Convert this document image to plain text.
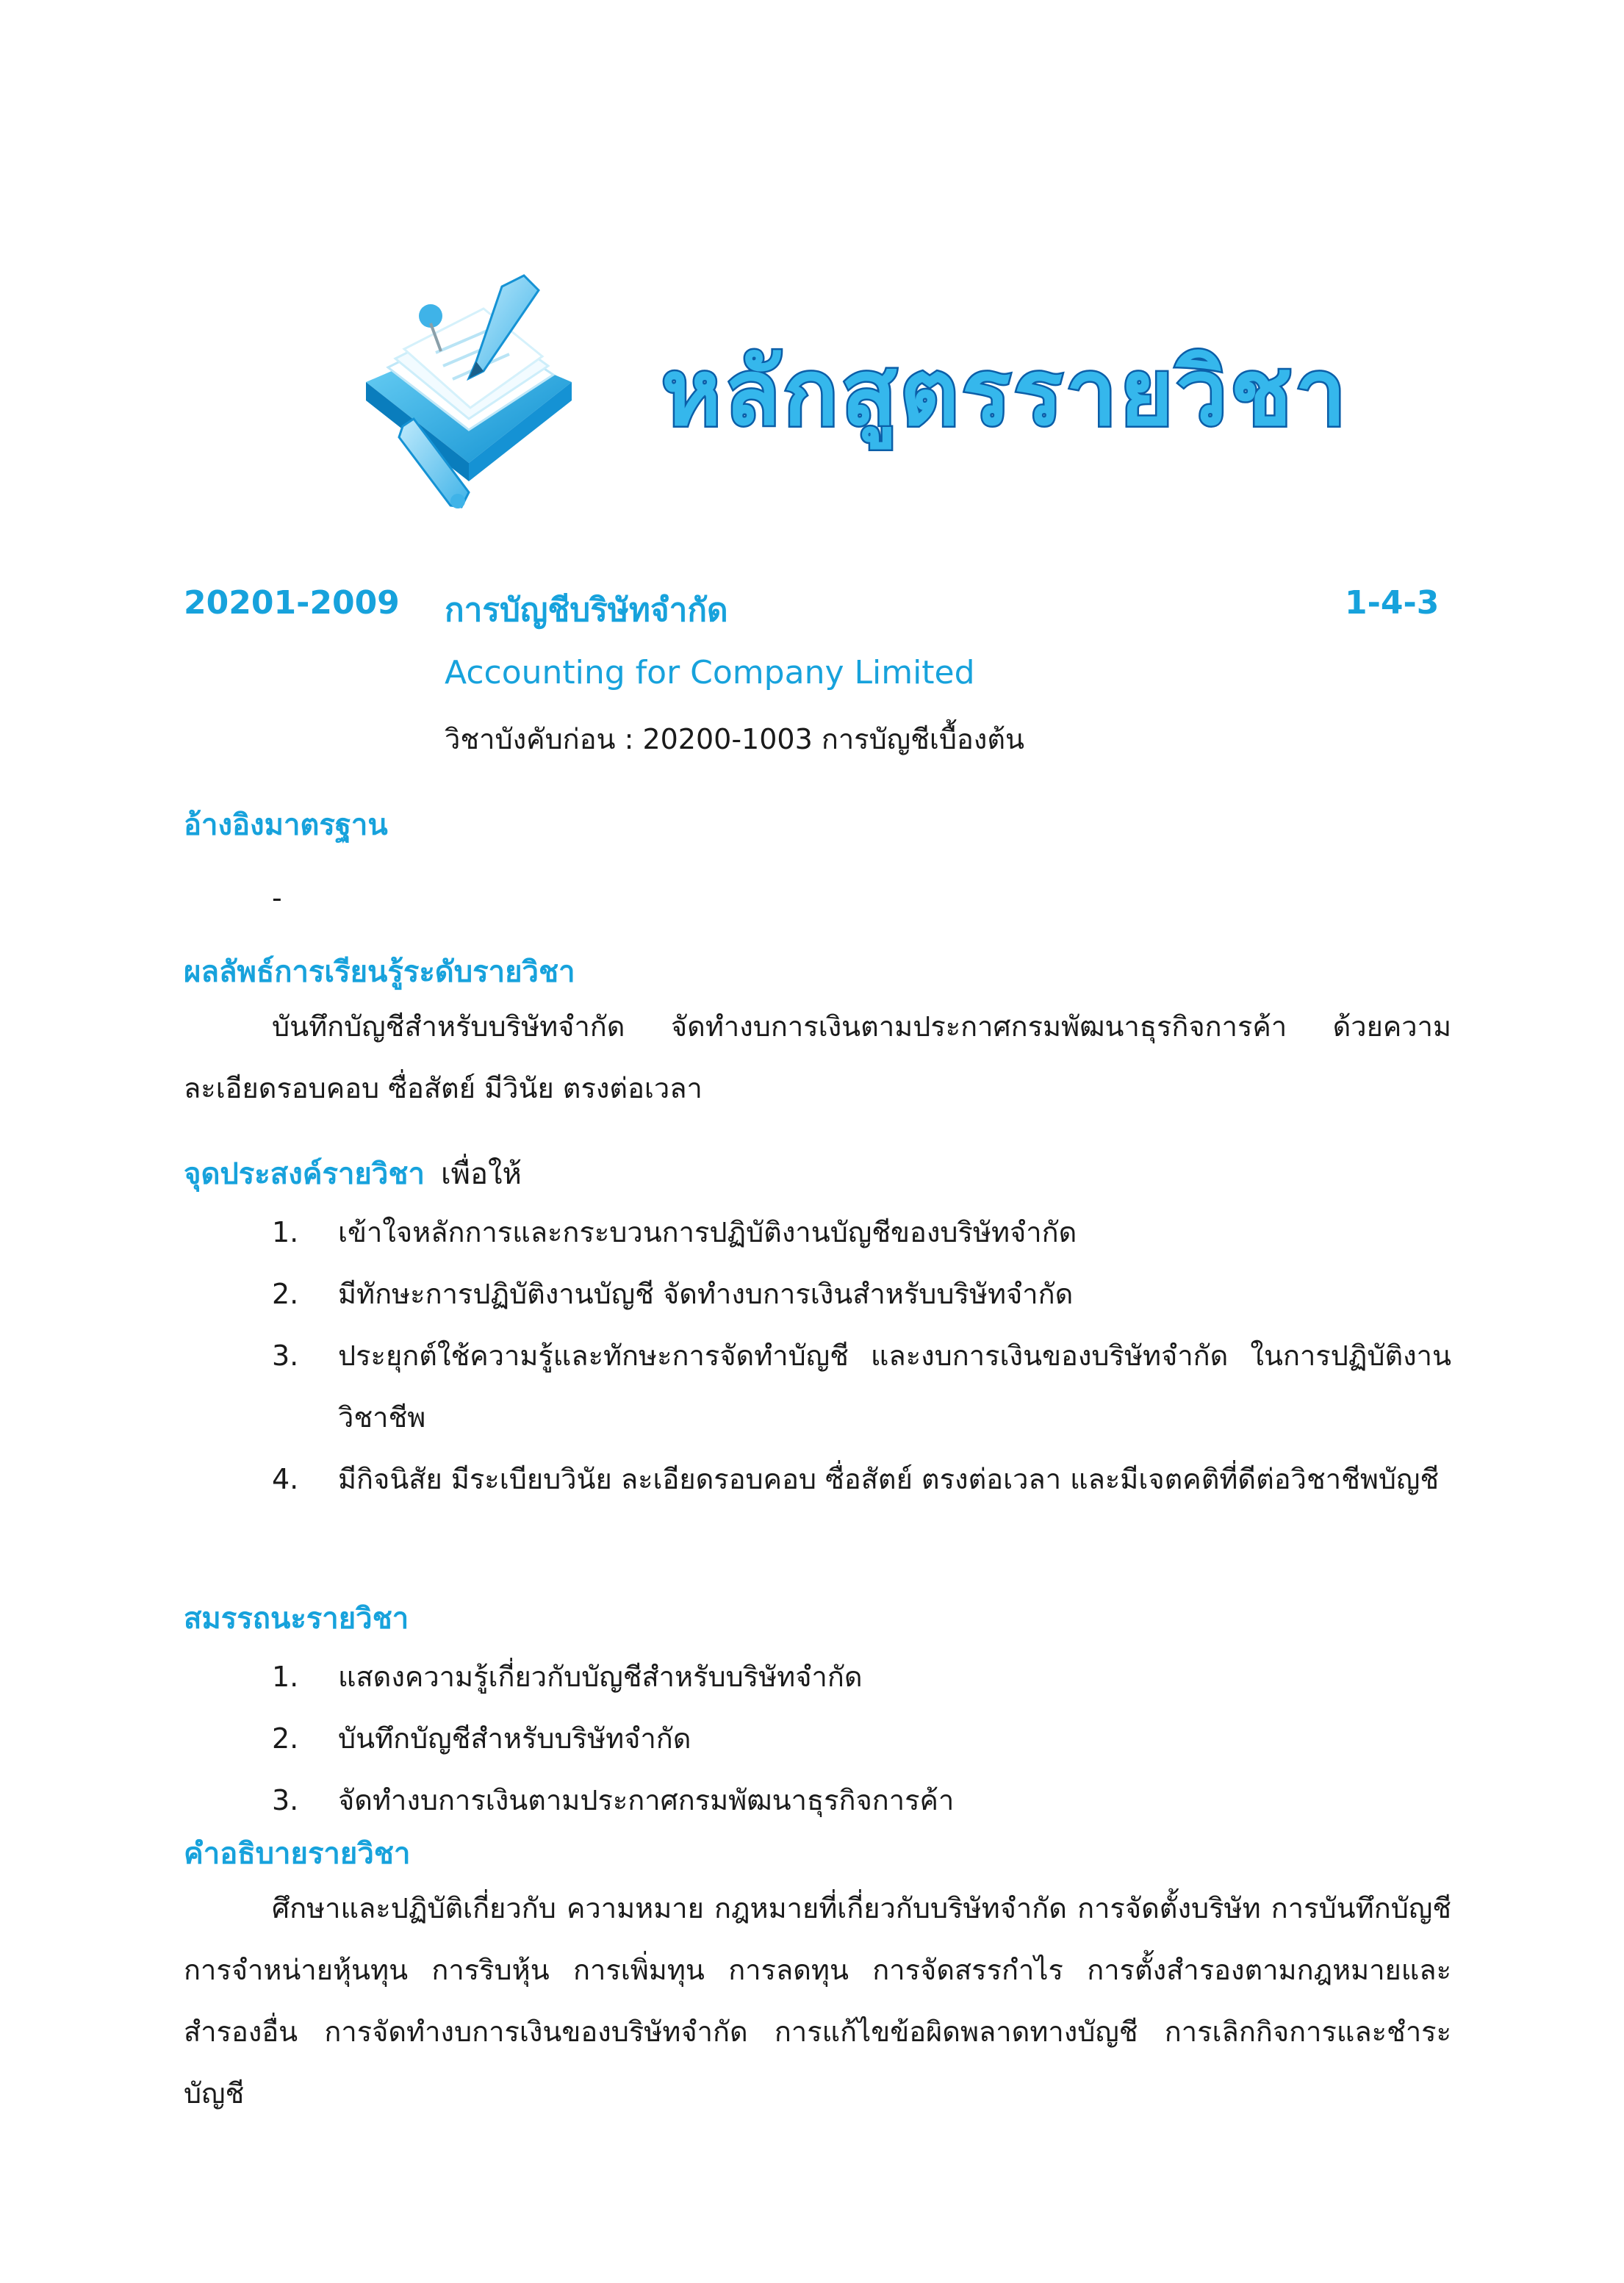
หลักสูตรรายวิชา
20201-2009 การบัญชีบริษัทจำกัด	1-4-3
Accounting for Company Limited
วิชาบังคับก่อน : 20200-1003 การบัญชีเบื้องต้น
อ้างอิงมาตรฐาน
-
ผลลัพธ์การเรียนรู้ระดับรายวิชา
บันทึกบัญชีสำหรับบริษัทจำกัด จัดทำงบการเงินตามประกาศกรมพัฒนาธุรกิจการค้า ด้วยความละเอียดรอบคอบ ซื่อสัตย์ มีวินัย ตรงต่อเวลา
จุดประสงค์รายวิชา เพื่อให้
1.	เข้าใจหลักการและกระบวนการปฏิบัติงานบัญชีของบริษัทจำกัด
2.	มีทักษะการปฏิบัติงานบัญชี จัดทำงบการเงินสำหรับบริษัทจำกัด
3.	ประยุกต์ใช้ความรู้และทักษะการจัดทำบัญชี และงบการเงินของบริษัทจำกัด ในการปฏิบัติงานวิชาชีพ
4.	มีกิจนิสัย มีระเบียบวินัย ละเอียดรอบคอบ ซื่อสัตย์ ตรงต่อเวลา และมีเจตคติที่ดีต่อวิชาชีพบัญชี
สมรรถนะรายวิชา
1.	แสดงความรู้เกี่ยวกับบัญชีสำหรับบริษัทจำกัด
2.	บันทึกบัญชีสำหรับบริษัทจำกัด
3.	จัดทำงบการเงินตามประกาศกรมพัฒนาธุรกิจการค้า
คำอธิบายรายวิชา
ศึกษาและปฏิบัติเกี่ยวกับ ความหมาย กฎหมายที่เกี่ยวกับบริษัทจำกัด การจัดตั้งบริษัท การบันทึกบัญชี การจำหน่ายหุ้นทุน การริบหุ้น การเพิ่มทุน การลดทุน การจัดสรรกำไร การตั้งสำรองตามกฎหมายและสำรองอื่น การจัดทำงบการเงินของบริษัทจำกัด การแก้ไขข้อผิดพลาดทางบัญชี การเลิกกิจการและชำระบัญชี
